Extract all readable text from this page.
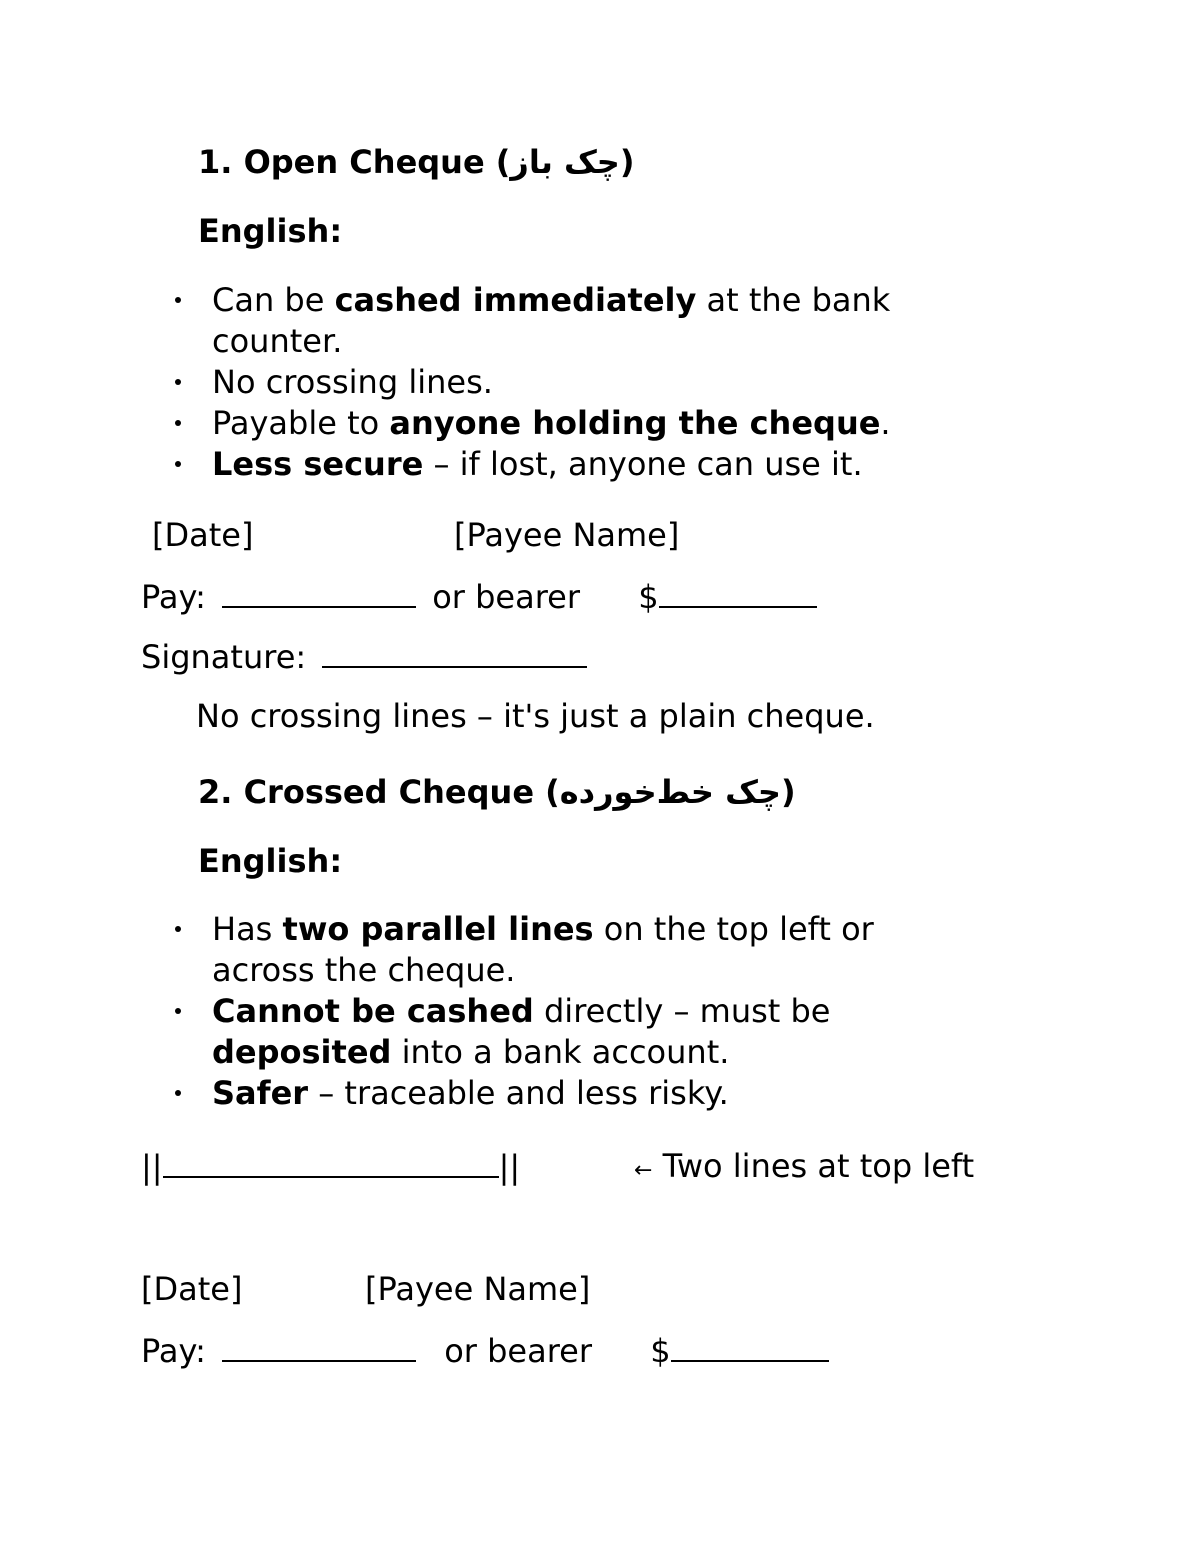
1. Open Cheque (چک باز)
English:
Can be cashed immediately at the bank
counter.
No crossing lines.
Payable to anyone holding the cheque.
Less secure – if lost, anyone can use it.
[Date]	[Payee Name]
Pay:	or bearer $
Signature:
No crossing lines – it's just a plain cheque.
2. Crossed Cheque (چک خط‌خورده)
English:
Has two parallel lines on the top left or
across the cheque.
Cannot be cashed directly – must be
deposited into a bank account.
Safer – traceable and less risky.
||	||	← Two lines at top left
[Date]	[Payee Name]
Pay:	or bearer $
